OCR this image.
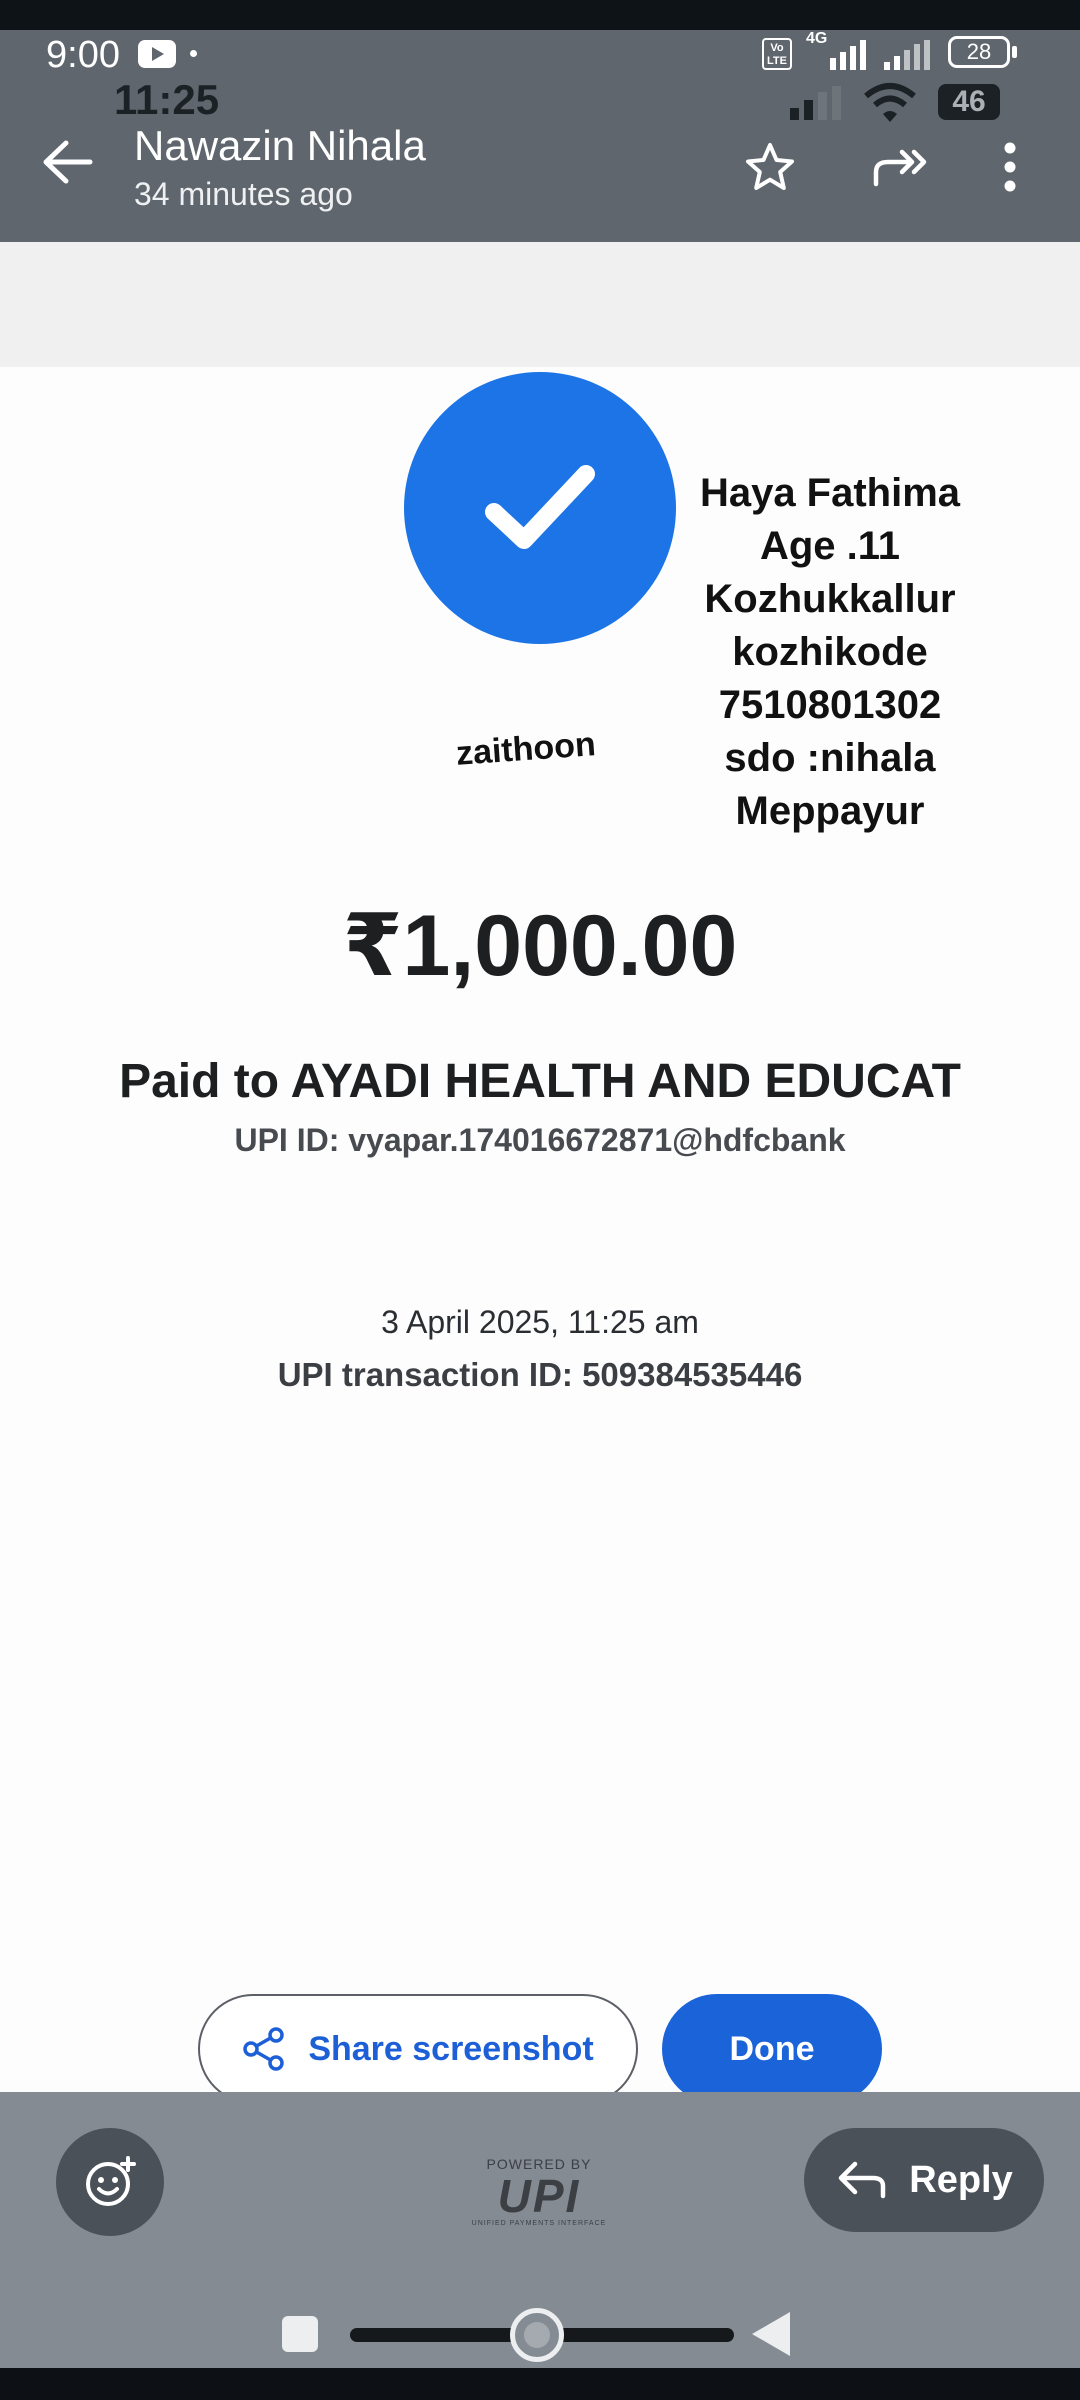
9:00	Vo
LTE
4G
28
11:25	46
Nawazin Nihala
34 minutes ago
zaithoon
Haya Fathima
Age .11
Kozhukkallur
kozhikode
7510801302
sdo :nihala
Meppayur
₹1,000.00
Paid to AYADI HEALTH AND EDUCAT
UPI ID: vyapar.174016672871@hdfcbank
3 April 2025, 11:25 am
UPI transaction ID: 509384535446
Share screenshot	Done
POWERED BY
UPI
UNIFIED PAYMENTS INTERFACE
Reply
